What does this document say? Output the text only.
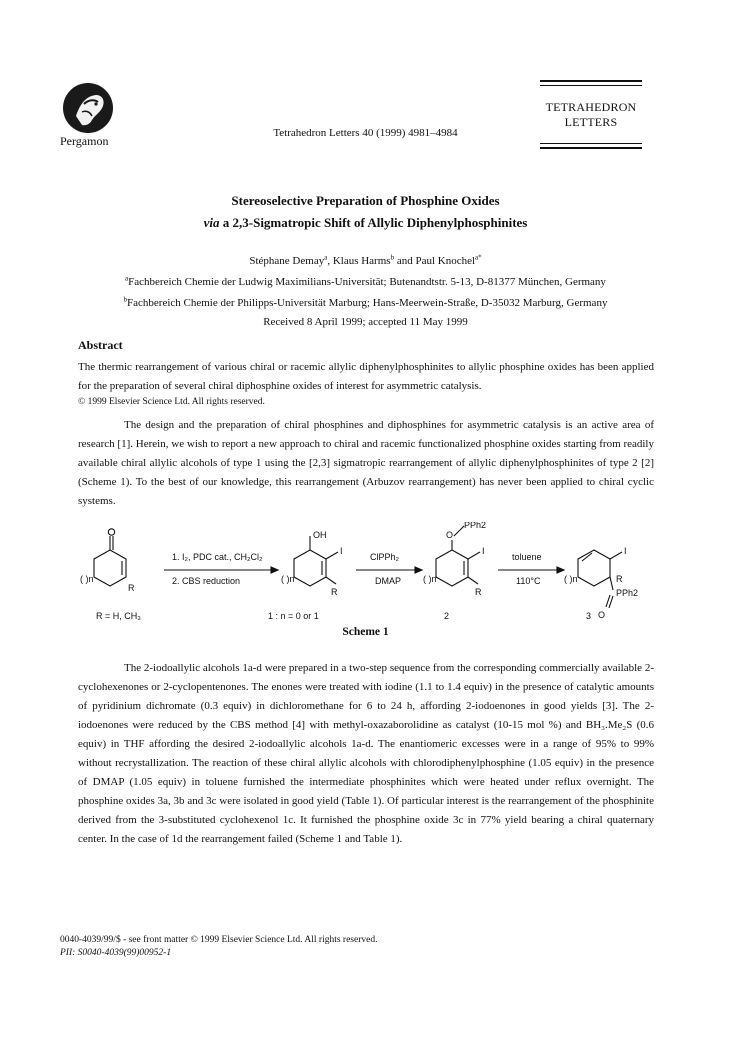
Pergamon
Tetrahedron Letters 40 (1999) 4981–4984
TETRAHEDRON
LETTERS
Stereoselective Preparation of Phosphine Oxides
via a 2,3-Sigmatropic Shift of Allylic Diphenylphosphinites
Stéphane Demay$^a$, Klaus Harms$^b$ and Paul Knochel$^{a*}$
$^a$Fachbereich Chemie der Ludwig Maximilians-Universität; Butenandtstr. 5-13, D-81377 München, Germany
$^b$Fachbereich Chemie der Philipps-Universität Marburg; Hans-Meerwein-Straße, D-35032 Marburg, Germany
Received 8 April 1999; accepted 11 May 1999
Abstract
The thermic rearrangement of various chiral or racemic allylic diphenylphosphinites to allylic phosphine oxides has been applied for the preparation of several chiral diphosphine oxides of interest for asymmetric catalysis.
© 1999 Elsevier Science Ltd. All rights reserved.
The design and the preparation of chiral phosphines and diphosphines for asymmetric catalysis is an active area of research [1]. Herein, we wish to report a new approach to chiral and racemic functionalized phosphine oxides starting from readily available chiral allylic alcohols of type 1 using the [2,3] sigmatropic rearrangement of allylic diphenylphosphinites of type 2 [2] (Scheme 1). To the best of our knowledge, this rearrangement (Arbuzov rearrangement) has never been applied to chiral cyclic systems.
( )n
R
OH
I
R
( )n
O
PPh2
I
R
( )n
I
R
PPh2
O
( )n
1. I₂, PDC cat., CH₂Cl₂
2. CBS reduction
ClPPh₂
DMAP
toluene
110°C
R = H, CH₃	1 : n = 0 or 1	2	3
Scheme 1
The 2-iodoallylic alcohols 1a-d were prepared in a two-step sequence from the corresponding commercially available 2-cyclohexenones or 2-cyclopentenones. The enones were treated with iodine (1.1 to 1.4 equiv) in the presence of catalytic amounts of pyridinium dichromate (0.3 equiv) in dichloromethane for 6 to 24 h, affording 2-iodoenones in good yields [3]. The 2-iodoenones were reduced by the CBS method [4] with methyl-oxazaborolidine as catalyst (10-15 mol %) and BH₃.Me₂S (0.6 equiv) in THF affording the desired 2-iodoallylic alcohols 1a-d. The enantiomeric excesses were in a range of 95% to 99% without recrystallization. The reaction of these chiral allylic alcohols with chlorodiphenylphosphine (1.05 equiv) in the presence of DMAP (1.05 equiv) in toluene furnished the intermediate phosphinites which were heated under reflux overnight. The phosphine oxides 3a, 3b and 3c were isolated in good yield (Table 1). Of particular interest is the rearrangement of the phosphinite derived from the 3-substituted cyclohexenol 1c. It furnished the phosphine oxide 3c in 77% yield bearing a chiral quaternary center. In the case of 1d the rearrangement failed (Scheme 1 and Table 1).
0040-4039/99/$ - see front matter © 1999 Elsevier Science Ltd. All rights reserved.
PII: S0040-4039(99)00952-1
